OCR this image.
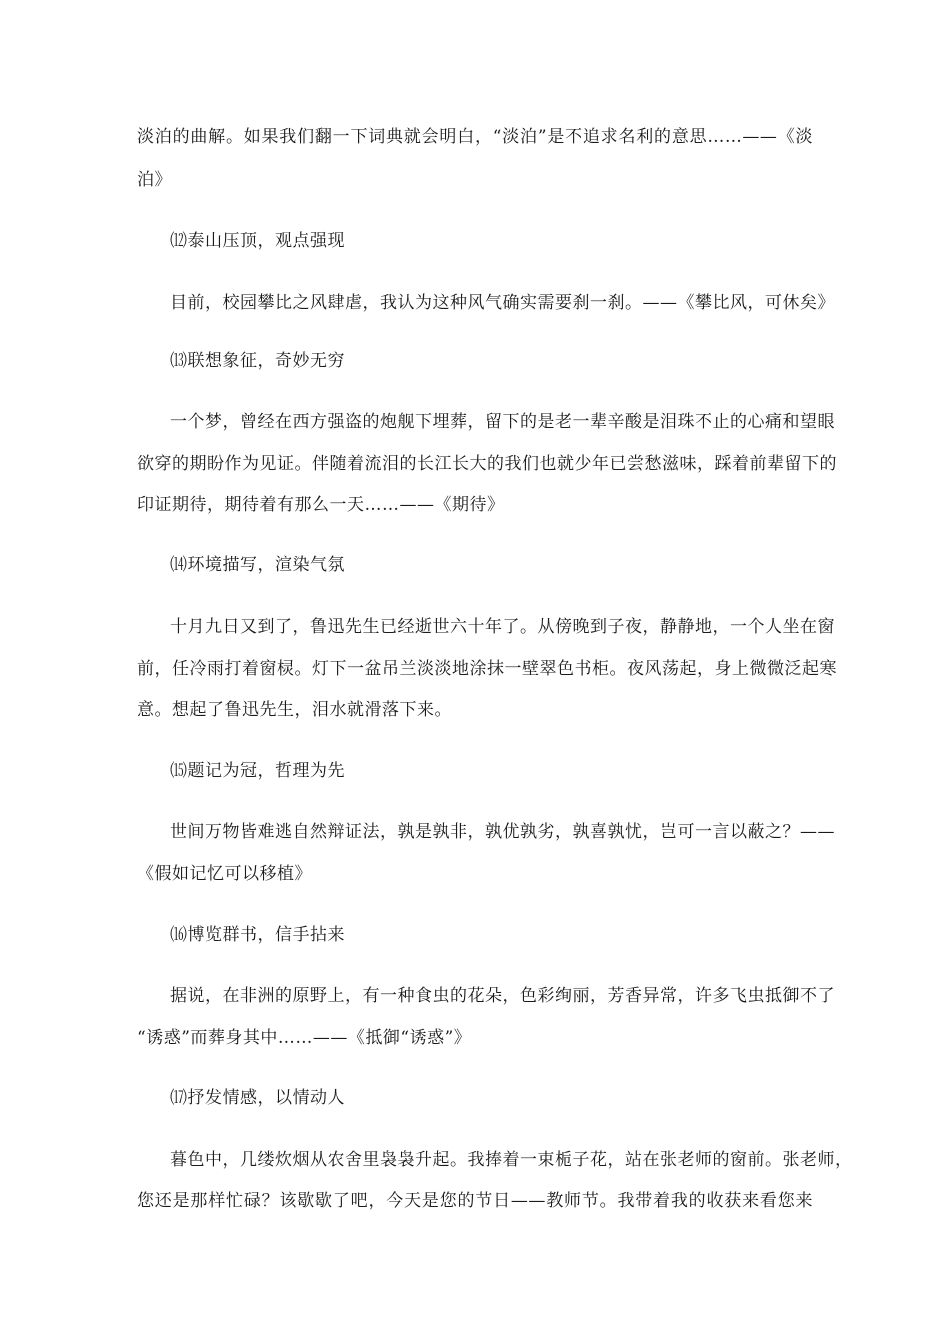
淡泊的曲解。如果我们翻一下词典就会明白，“淡泊”是不追求名利的意思……——《淡
泊》
⑿泰山压顶，观点强现
目前，校园攀比之风肆虐，我认为这种风气确实需要刹一刹。——《攀比风，可休矣》
⒀联想象征，奇妙无穷
一个梦，曾经在西方强盗的炮舰下埋葬，留下的是老一辈辛酸是泪珠不止的心痛和望眼
欲穿的期盼作为见证。伴随着流泪的长江长大的我们也就少年已尝愁滋味，踩着前辈留下的
印证期待，期待着有那么一天……——《期待》
⒁环境描写，渲染气氛
十月九日又到了，鲁迅先生已经逝世六十年了。从傍晚到子夜，静静地，一个人坐在窗
前，任冷雨打着窗棂。灯下一盆吊兰淡淡地涂抹一壁翠色书柜。夜风荡起，身上微微泛起寒
意。想起了鲁迅先生，泪水就滑落下来。
⒂题记为冠，哲理为先
世间万物皆难逃自然辩证法，孰是孰非，孰优孰劣，孰喜孰忧，岂可一言以蔽之？——
《假如记忆可以移植》
⒃博览群书，信手拈来
据说，在非洲的原野上，有一种食虫的花朵，色彩绚丽，芳香异常，许多飞虫抵御不了
“诱惑”而葬身其中……——《抵御“诱惑”》
⒄抒发情感，以情动人
暮色中，几缕炊烟从农舍里袅袅升起。我捧着一束栀子花，站在张老师的窗前。张老师，
您还是那样忙碌？该歇歇了吧，今天是您的节日——教师节。我带着我的收获来看您来
